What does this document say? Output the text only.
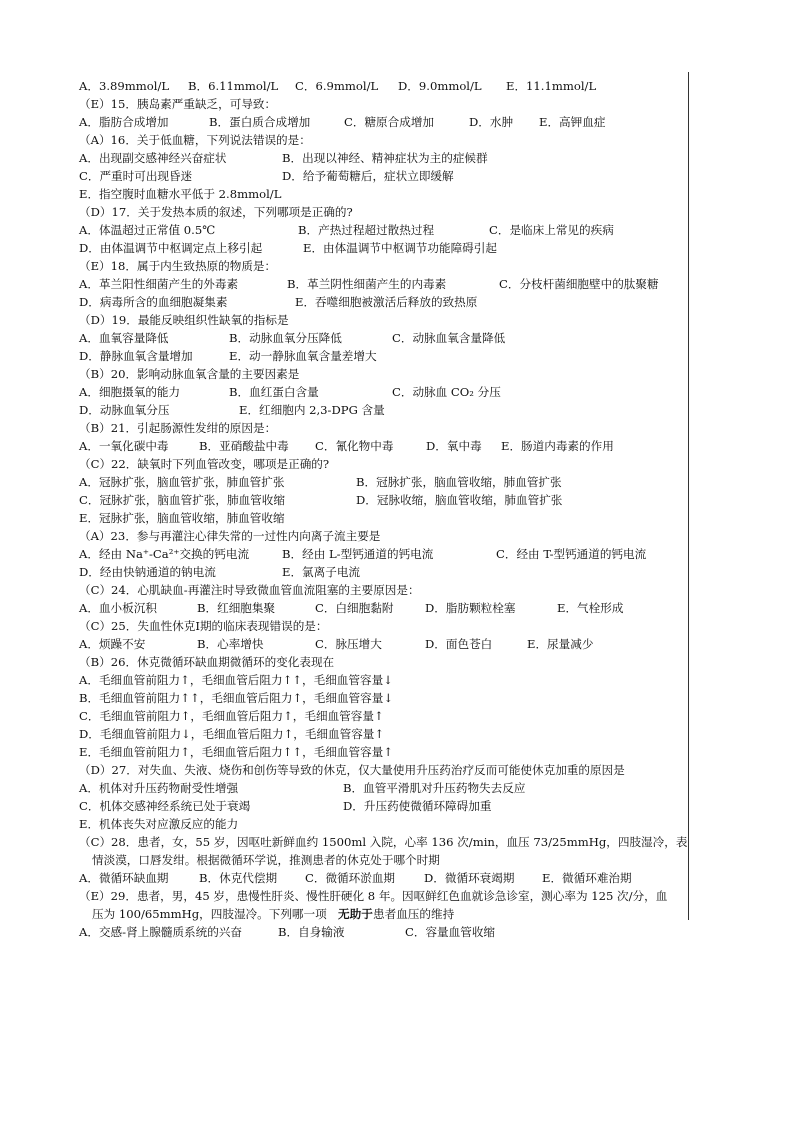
A．3.89mmol/L B．6.11mmol/L C．6.9mmol/L D．9.0mmol/L E．11.1mmol/L
（E）15．胰岛素严重缺乏，可导致：
A．脂肪合成增加	B．蛋白质合成增加	C．糖原合成增加	D．水肿 E．高钾血症
（A）16．关于低血糖，下列说法错误的是：
A．出现副交感神经兴奋症状	B．出现以神经、精神症状为主的症候群
C．严重时可出现昏迷	D．给予葡萄糖后，症状立即缓解
E．指空腹时血糖水平低于 2.8mmol/L
（D）17．关于发热本质的叙述，下列哪项是正确的?
A．体温超过正常值 0.5℃	B．产热过程超过散热过程	C．是临床上常见的疾病
D．由体温调节中枢调定点上移引起	E．由体温调节中枢调节功能障碍引起
（E）18．属于内生致热原的物质是：
A．革兰阳性细菌产生的外毒素	B．革兰阴性细菌产生的内毒素	C．分枝杆菌细胞壁中的肽聚糖
D．病毒所含的血细胞凝集素	E．吞噬细胞被激活后释放的致热原
（D）19．最能反映组织性缺氧的指标是
A．血氧容量降低	B．动脉血氧分压降低	C．动脉血氧含量降低
D．静脉血氧含量增加	E．动一静脉血氧含量差增大
（B）20．影响动脉血氧含量的主要因素是
A．细胞摄氧的能力	B．血红蛋白含量	C．动脉血 CO₂ 分压
D．动脉血氧分压	E．红细胞内 2,3-DPG 含量
（B）21．引起肠源性发绀的原因是：
A．一氧化碳中毒	B．亚硝酸盐中毒 C．氰化物中毒	D．氧中毒 E．肠道内毒素的作用
（C）22．缺氧时下列血管改变，哪项是正确的?
A．冠脉扩张，脑血管扩张，肺血管扩张	B．冠脉扩张，脑血管收缩，肺血管扩张
C．冠脉扩张，脑血管扩张，肺血管收缩	D．冠脉收缩，脑血管收缩，肺血管扩张
E．冠脉扩张，脑血管收缩，肺血管收缩
（A）23．参与再灌注心律失常的一过性内向离子流主要是
A．经由 Na⁺-Ca²⁺交换的钙电流	B．经由 L-型钙通道的钙电流	C．经由 T-型钙通道的钙电流
D．经由快钠通道的钠电流	E．氯离子电流
（C）24．心肌缺血-再灌注时导致微血管血流阻塞的主要原因是：
A．血小板沉积	B．红细胞集聚	C．白细胞黏附	D．脂肪颗粒栓塞	E．气栓形成
（C）25．失血性休克I期的临床表现错误的是：
A．烦躁不安	B．心率增快	C．脉压增大	D．面色苍白	E．尿量减少
（B）26．休克微循环缺血期微循环的变化表现在
A．毛细血管前阻力↑，毛细血管后阻力↑↑，毛细血管容量↓
B．毛细血管前阻力↑↑，毛细血管后阻力↑，毛细血管容量↓
C．毛细血管前阻力↑，毛细血管后阻力↑，毛细血管容量↑
D．毛细血管前阻力↓，毛细血管后阻力↑，毛细血管容量↑
E．毛细血管前阻力↑，毛细血管后阻力↑↑，毛细血管容量↑
（D）27．对失血、失液、烧伤和创伤等导致的休克，仅大量使用升压药治疗反而可能使休克加重的原因是
A．机体对升压药物耐受性增强	B．血管平滑肌对升压药物失去反应
C．机体交感神经系统已处于衰竭	D．升压药使微循环障碍加重
E．机体丧失对应激反应的能力
（C）28．患者，女，55 岁，因呕吐新鲜血约 1500ml 入院，心率 136 次/min，血压 73/25mmHg，四肢湿冷，表
情淡漠，口唇发绀。根据微循环学说，推测患者的休克处于哪个时期
A．微循环缺血期	B．休克代偿期 C．微循环淤血期 D．微循环衰竭期 E．微循环难治期
（E）29．患者，男，45 岁，患慢性肝炎、慢性肝硬化 8 年。因呕鲜红色血就诊急诊室，测心率为 125 次/分，血
压为 100/65mmHg，四肢湿冷。下列哪一项 无助于 患者血压的维持
A．交感-肾上腺髓质系统的兴奋	B．自身输液	C．容量血管收缩
